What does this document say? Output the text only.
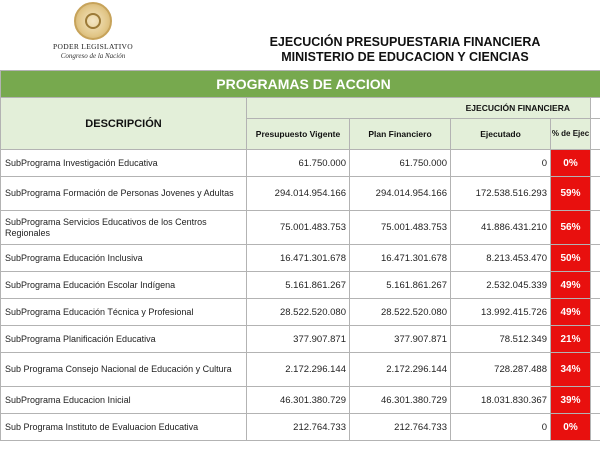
PODER LEGISLATIVO
Congreso de la Nación
EJECUCIÓN PRESUPUESTARIA FINANCIERA
MINISTERIO DE EDUCACION Y CIENCIAS
PROGRAMAS DE ACCION					
DESCRIPCIÓN	EJECUCIÓN FINANCIERA				
	Presupuesto Vigente	Plan Financiero	Ejecutado	% de Ejec	
SubPrograma Investigación Educativa	61.750.000	61.750.000	0	0%	
SubPrograma Formación de Personas Jovenes y Adultas	294.014.954.166	294.014.954.166	172.538.516.293	59%	
SubPrograma Servicios Educativos de los Centros Regionales	75.001.483.753	75.001.483.753	41.886.431.210	56%	
SubPrograma Educación Inclusiva	16.471.301.678	16.471.301.678	8.213.453.470	50%	
SubPrograma Educación Escolar Indígena	5.161.861.267	5.161.861.267	2.532.045.339	49%	
SubPrograma Educación Técnica y Profesional	28.522.520.080	28.522.520.080	13.992.415.726	49%	
SubPrograma Planificación Educativa	377.907.871	377.907.871	78.512.349	21%	
Sub Programa Consejo Nacional de Educación y Cultura	2.172.296.144	2.172.296.144	728.287.488	34%	
SubPrograma Educacion Inicial	46.301.380.729	46.301.380.729	18.031.830.367	39%	
Sub Programa Instituto de Evaluacion Educativa	212.764.733	212.764.733	0	0%	
